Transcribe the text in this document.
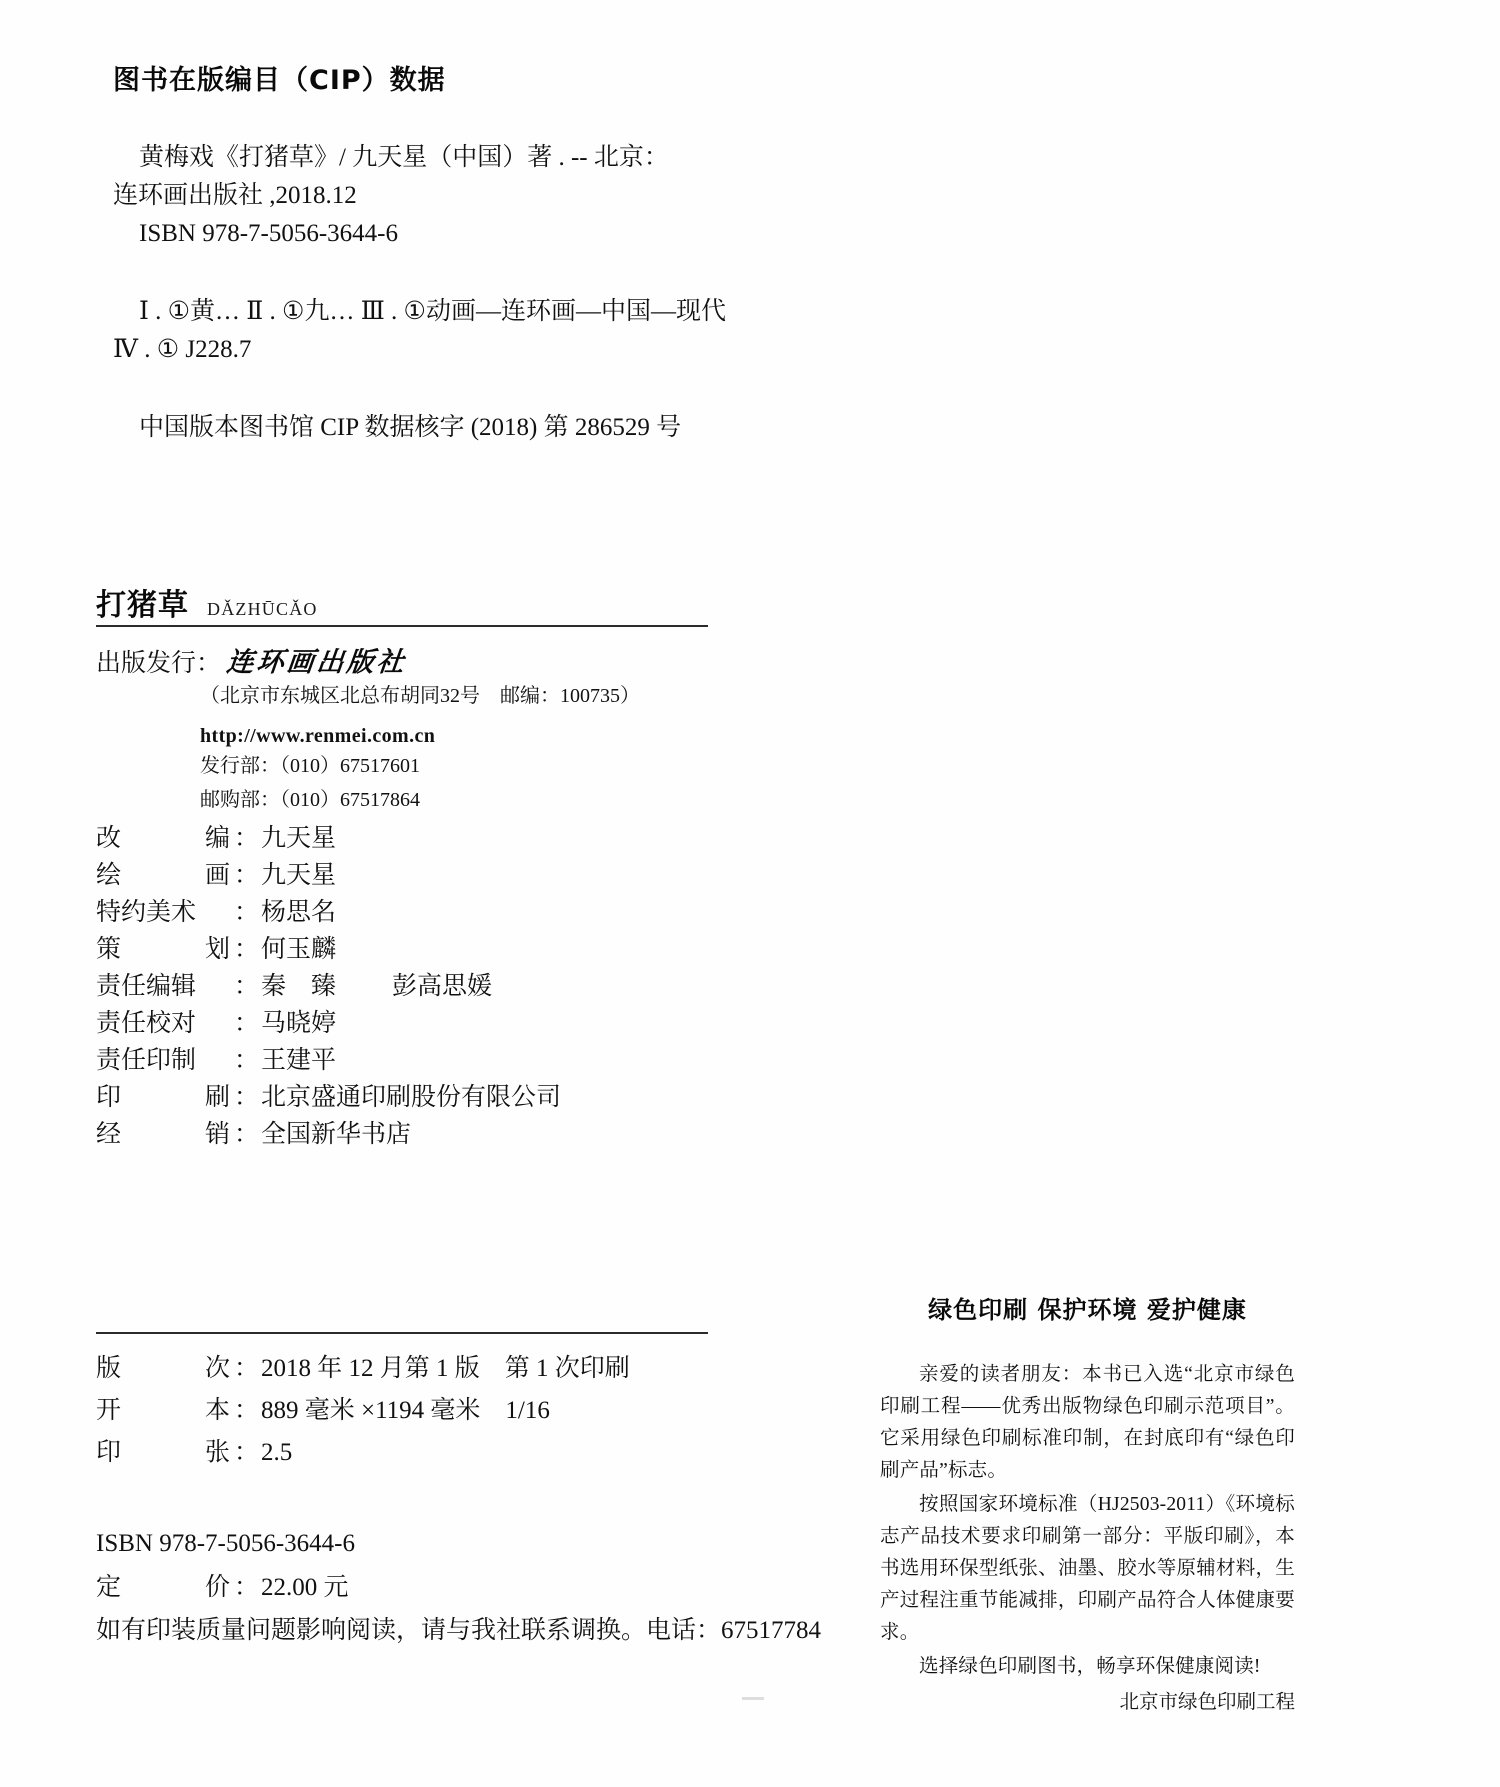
图书在版编目（CIP）数据
黄梅戏《打猪草》/ 九天星（中国）著 . -- 北京：
连环画出版社 ,2018.12
ISBN 978-7-5056-3644-6
Ⅰ . ①黄… Ⅱ . ①九… Ⅲ . ①动画—连环画—中国—现代
Ⅳ . ① J228.7
中国版本图书馆 CIP 数据核字 (2018) 第 286529 号
打猪草 DǍZHŪCǍO
出版发行： 连环画出版社
（北京市东城区北总布胡同32号　邮编：100735）
http://www.renmei.com.cn
发行部：（010）67517601
邮购部：（010）67517864
改	编 ： 九天星
绘	画 ： 九天星
特约美术 ： 杨思名
策	划 ： 何玉麟
责任编辑 ： 秦　臻 彭高思媛
责任校对 ： 马晓婷
责任印制 ： 王建平
印	刷 ： 北京盛通印刷股份有限公司
经	销 ： 全国新华书店
版	次 ： 2018 年 12 月第 1 版　第 1 次印刷
开	本 ： 889 毫米 ×1194 毫米　1/16
印	张 ： 2.5
ISBN 978-7-5056-3644-6
定	价 ： 22.00 元
如有印装质量问题影响阅读，请与我社联系调换。电话：67517784
绿色印刷 保护环境 爱护健康

亲爱的读者朋友：本书已入选“北京市绿色印刷工程——优秀出版物绿色印刷示范项目”。它采用绿色印刷标准印制，在封底印有“绿色印刷产品”标志。

按照国家环境标准（HJ2503-2011）《环境标志产品技术要求印刷第一部分：平版印刷》，本书选用环保型纸张、油墨、胶水等原辅材料，生产过程注重节能减排，印刷产品符合人体健康要求。

选择绿色印刷图书，畅享环保健康阅读!

北京市绿色印刷工程
